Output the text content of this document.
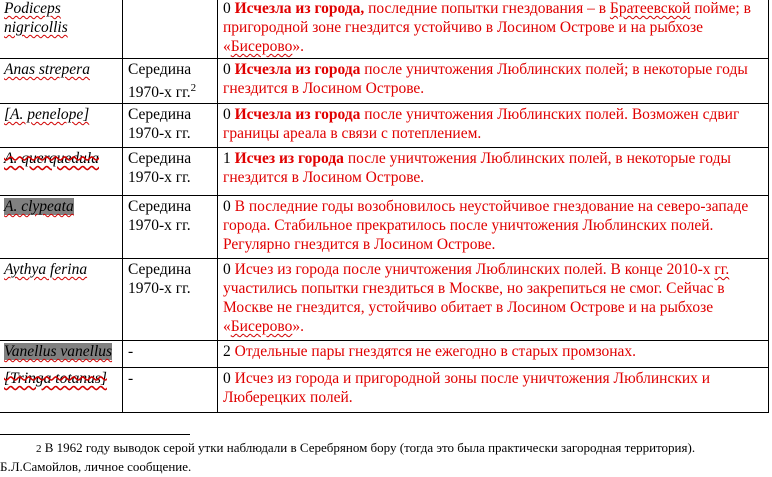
Podiceps nigricollis		0 Исчезла из города, последние попытки гнездования – в Братеевской пойме; в пригородной зоне гнездится устойчиво в Лосином Острове и на рыбхозе «Бисерово».
Anas strepera	Середина 1970-х гг.$^2$	0 Исчезла из города после уничтожения Люблинских полей; в некоторые годы гнездится в Лосином Острове.
[A. penelope]	Середина 1970-х гг.	0 Исчезла из города после уничтожения Люблинских полей. Возможен сдвиг границы ареала в связи с потеплением.
A. querquedula	Середина 1970-х гг.	1 Исчез из города после уничтожения Люблинских полей, в некоторые годы гнездится в Лосином Острове.
A. clypeata	Середина 1970-х гг.	0 В последние годы возобновилось неустойчивое гнездование на северо-западе города. Стабильное прекратилось после уничтожения Люблинских полей. Регулярно гнездится в Лосином Острове.
Aythya ferina	Середина 1970-х гг.	0 Исчез из города после уничтожения Люблинских полей. В конце 2010-х гг. участились попытки гнездиться в Москве, но закрепиться не смог. Сейчас в Москве не гнездится, устойчиво обитает в Лосином Острове и на рыбхозе «Бисерово».
Vanellus vanellus	-	2 Отдельные пары гнездятся не ежегодно в старых промзонах.
[Tringa totanus]	-	0 Исчез из города и пригородной зоны после уничтожения Люблинских и Люберецких полей.
2 В 1962 году выводок серой утки наблюдали в Серебряном бору (тогда это была практически загородная территория). Б.Л.Самойлов, личное сообщение.
